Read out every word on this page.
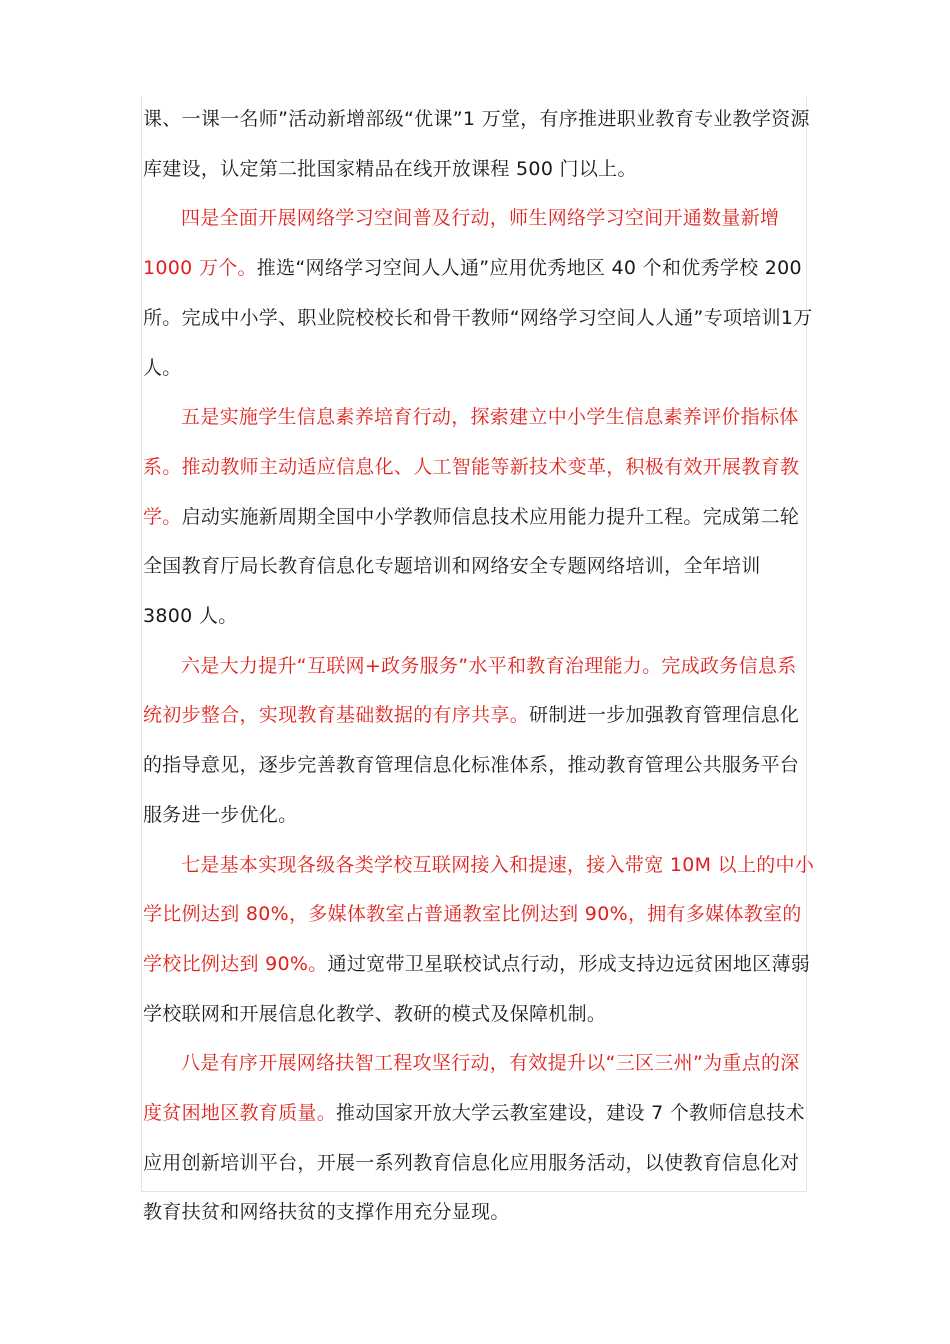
课、一课一名师”活动新增部级“优课”1 万堂，有序推进职业教育专业教学资源库建设，认定第二批国家精品在线开放课程 500 门以上。

四是全面开展网络学习空间普及行动，师生网络学习空间开通数量新增1000 万个。推选“网络学习空间人人通”应用优秀地区 40 个和优秀学校 200所。完成中小学、职业院校校长和骨干教师“网络学习空间人人通”专项培训1万人。

五是实施学生信息素养培育行动，探索建立中小学生信息素养评价指标体系。推动教师主动适应信息化、人工智能等新技术变革，积极有效开展教育教学。启动实施新周期全国中小学教师信息技术应用能力提升工程。完成第二轮全国教育厅局长教育信息化专题培训和网络安全专题网络培训，全年培训 3800 人。

六是大力提升“互联网+政务服务”水平和教育治理能力。完成政务信息系统初步整合，实现教育基础数据的有序共享。研制进一步加强教育管理信息化的指导意见，逐步完善教育管理信息化标准体系，推动教育管理公共服务平台服务进一步优化。

七是基本实现各级各类学校互联网接入和提速，接入带宽 10M 以上的中小学比例达到 80%，多媒体教室占普通教室比例达到 90%，拥有多媒体教室的学校比例达到 90%。通过宽带卫星联校试点行动，形成支持边远贫困地区薄弱学校联网和开展信息化教学、教研的模式及保障机制。

八是有序开展网络扶智工程攻坚行动，有效提升以“三区三州”为重点的深度贫困地区教育质量。推动国家开放大学云教室建设，建设 7 个教师信息技术应用创新培训平台，开展一系列教育信息化应用服务活动，以使教育信息化对教育扶贫和网络扶贫的支撑作用充分显现。
